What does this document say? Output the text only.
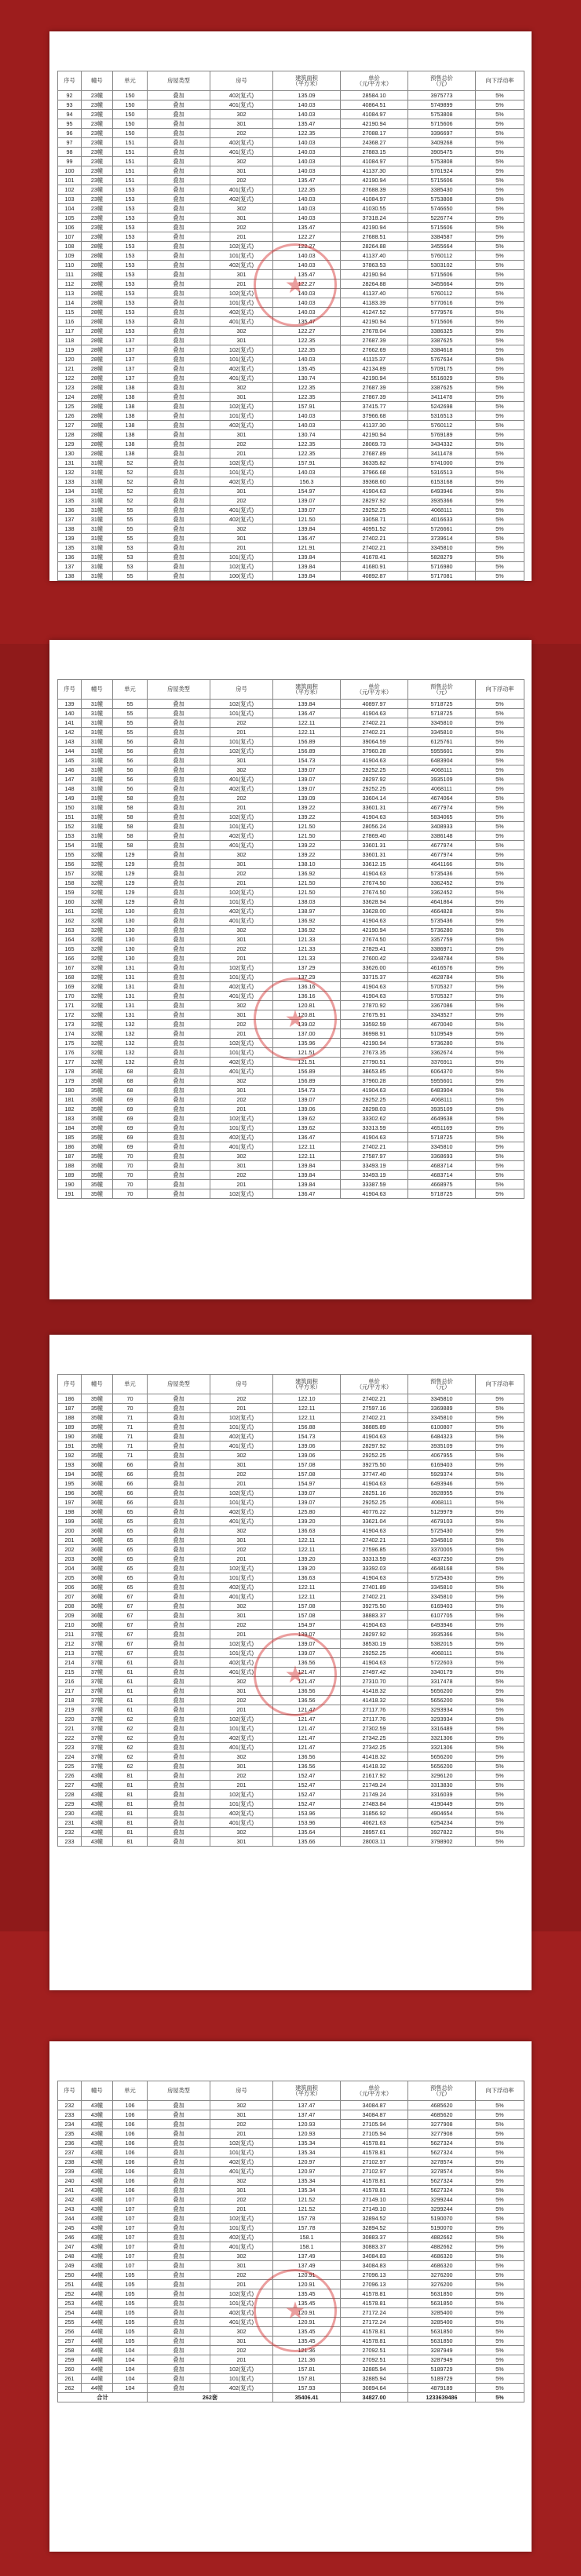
序号	幢号	单元	房屋类型	房号	建筑面积
（平方米）	单价
（元/平方米）	预售总价
（元）	向下浮动率
92	23幢	150	叠加	402(复式)	135.09	28584.10	3975773	5%
93	23幢	150	叠加	401(复式)	140.03	40864.51	5749899	5%
94	23幢	150	叠加	302	140.03	41084.97	5753808	5%
95	23幢	150	叠加	301	135.47	42190.94	5715606	5%
96	23幢	150	叠加	202	122.35	27088.17	3396697	5%
97	23幢	151	叠加	402(复式)	140.03	24368.27	3409268	5%
98	23幢	151	叠加	401(复式)	140.03	27883.15	3905475	5%
99	23幢	151	叠加	302	140.03	41084.97	5753808	5%
100	23幢	151	叠加	301	140.03	41137.30	5761924	5%
101	23幢	151	叠加	202	135.47	42190.94	5715606	5%
102	23幢	153	叠加	401(复式)	122.35	27688.39	3385430	5%
103	23幢	153	叠加	402(复式)	140.03	41084.97	5753808	5%
104	23幢	153	叠加	302	140.03	41030.55	5746650	5%
105	23幢	153	叠加	301	140.03	37318.24	5226774	5%
106	23幢	153	叠加	202	135.47	42190.94	5715606	5%
107	23幢	153	叠加	201	122.27	27688.51	3384587	5%
108	28幢	153	叠加	102(复式)	122.27	28264.88	3455664	5%
109	28幢	153	叠加	101(复式)	140.03	41137.40	5760112	5%
110	28幢	153	叠加	402(复式)	140.03	37863.53	5303102	5%
111	28幢	153	叠加	301	135.47	42190.94	5715606	5%
112	28幢	153	叠加	201	122.27	28264.88	3455664	5%
113	28幢	153	叠加	102(复式)	140.03	41137.40	5760112	5%
114	28幢	153	叠加	101(复式)	140.03	41183.39	5770616	5%
115	28幢	153	叠加	402(复式)	140.03	41247.52	5779576	5%
116	28幢	153	叠加	401(复式)	135.47	42190.94	5715606	5%
117	28幢	153	叠加	302	122.27	27678.04	3386325	5%
118	28幢	137	叠加	301	122.35	27687.39	3387625	5%
119	28幢	137	叠加	102(复式)	122.35	27662.69	3384618	5%
120	28幢	137	叠加	101(复式)	140.03	41115.37	5767634	5%
121	28幢	137	叠加	402(复式)	135.45	42134.89	5709175	5%
122	28幢	137	叠加	401(复式)	130.74	42190.94	5516029	5%
123	28幢	138	叠加	302	122.35	27687.39	3387625	5%
124	28幢	138	叠加	301	122.35	27867.39	3411478	5%
125	28幢	138	叠加	102(复式)	157.91	37415.77	5242698	5%
126	28幢	138	叠加	101(复式)	140.03	37966.68	5316513	5%
127	28幢	138	叠加	402(复式)	140.03	41137.30	5760112	5%
128	28幢	138	叠加	301	130.74	42190.94	5769189	5%
129	28幢	138	叠加	202	122.35	28069.73	3434332	5%
130	28幢	138	叠加	201	122.35	27687.89	3411478	5%
131	31幢	52	叠加	102(复式)	157.91	36335.82	5741000	5%
132	31幢	52	叠加	101(复式)	140.03	37966.68	5316513	5%
133	31幢	52	叠加	402(复式)	156.3	39368.60	6153168	5%
134	31幢	52	叠加	301	154.97	41904.63	6493946	5%
135	31幢	52	叠加	202	139.07	28297.92	3935366	5%
136	31幢	55	叠加	401(复式)	139.07	29252.25	4068111	5%
137	31幢	55	叠加	402(复式)	121.50	33058.71	4016633	5%
138	31幢	55	叠加	302	139.84	40951.52	5726661	5%
139	31幢	55	叠加	301	136.47	27402.21	3739614	5%
135	31幢	53	叠加	201	121.91	27402.21	3345810	5%
136	31幢	53	叠加	101(复式)	139.84	41678.41	5828279	5%
137	31幢	53	叠加	102(复式)	139.84	41680.91	5716980	5%
138	31幢	55	叠加	100(复式)	139.84	40892.87	5717081	5%
★
序号	幢号	单元	房屋类型	房号	建筑面积
（平方米）	单价
（元/平方米）	预售总价
（元）	向下浮动率
139	31幢	55	叠加	102(复式)	139.84	40897.97	5718725	5%
140	31幢	55	叠加	101(复式)	136.47	41904.63	5718725	5%
141	31幢	55	叠加	202	122.11	27402.21	3345810	5%
142	31幢	55	叠加	201	122.11	27402.21	3345810	5%
143	31幢	56	叠加	101(复式)	156.89	39064.59	6125761	5%
144	31幢	56	叠加	102(复式)	156.89	37960.28	5955601	5%
145	31幢	56	叠加	301	154.73	41904.63	6483904	5%
146	31幢	56	叠加	302	139.07	29252.25	4068111	5%
147	31幢	56	叠加	401(复式)	139.07	28297.92	3935109	5%
148	31幢	56	叠加	402(复式)	139.07	29252.25	4068111	5%
149	31幢	58	叠加	202	139.09	33604.14	4674064	5%
150	31幢	58	叠加	201	139.22	33601.31	4677974	5%
151	31幢	58	叠加	102(复式)	139.22	41904.63	5834065	5%
152	31幢	58	叠加	101(复式)	121.50	28056.24	3408933	5%
153	31幢	58	叠加	402(复式)	121.50	27869.40	3386148	5%
154	31幢	58	叠加	401(复式)	139.22	33601.31	4677974	5%
155	32幢	129	叠加	302	139.22	33601.31	4677974	5%
156	32幢	129	叠加	301	138.10	33612.15	4641166	5%
157	32幢	129	叠加	202	136.92	41904.63	5735436	5%
158	32幢	129	叠加	201	121.50	27674.50	3362452	5%
159	32幢	129	叠加	102(复式)	121.50	27674.50	3362452	5%
160	32幢	129	叠加	101(复式)	138.03	33628.94	4641864	5%
161	32幢	130	叠加	402(复式)	138.97	33628.00	4664828	5%
162	32幢	130	叠加	401(复式)	136.92	41904.63	5735436	5%
163	32幢	130	叠加	302	136.92	42190.94	5736280	5%
164	32幢	130	叠加	301	121.33	27674.50	3357759	5%
165	32幢	130	叠加	202	121.33	27829.41	3386971	5%
166	32幢	130	叠加	201	121.33	27600.42	3348784	5%
167	32幢	131	叠加	102(复式)	137.29	33626.00	4616576	5%
168	32幢	131	叠加	101(复式)	137.29	33715.37	4628784	5%
169	32幢	131	叠加	402(复式)	136.16	41904.63	5705327	5%
170	32幢	131	叠加	401(复式)	136.16	41904.63	5705327	5%
171	32幢	131	叠加	302	120.81	27870.92	3367086	5%
172	32幢	131	叠加	301	120.81	27675.91	3343527	5%
173	32幢	132	叠加	202	139.02	33592.59	4670040	5%
174	32幢	132	叠加	201	137.00	36998.91	5109549	5%
175	32幢	132	叠加	102(复式)	135.96	42190.94	5736280	5%
176	32幢	132	叠加	101(复式)	121.51	27673.35	3362674	5%
177	32幢	132	叠加	402(复式)	121.51	27790.51	3376911	5%
178	35幢	68	叠加	401(复式)	156.89	38653.85	6064370	5%
179	35幢	68	叠加	302	156.89	37960.28	5955601	5%
180	35幢	68	叠加	301	154.73	41904.63	6483904	5%
181	35幢	69	叠加	202	139.07	29252.25	4068111	5%
182	35幢	69	叠加	201	139.06	28298.03	3935109	5%
183	35幢	69	叠加	102(复式)	139.62	33302.62	4649638	5%
184	35幢	69	叠加	101(复式)	139.62	33313.59	4651169	5%
185	35幢	69	叠加	402(复式)	136.47	41904.63	5718725	5%
186	35幢	69	叠加	401(复式)	122.11	27402.21	3345810	5%
187	35幢	70	叠加	302	122.11	27587.97	3368693	5%
188	35幢	70	叠加	301	139.84	33493.19	4683714	5%
189	35幢	70	叠加	202	139.84	33493.19	4683714	5%
190	35幢	70	叠加	201	139.84	33387.59	4668975	5%
191	35幢	70	叠加	102(复式)	136.47	41904.63	5718725	5%
★
序号	幢号	单元	房屋类型	房号	建筑面积
（平方米）	单价
（元/平方米）	预售总价
（元）	向下浮动率
186	35幢	70	叠加	202	122.10	27402.21	3345810	5%
187	35幢	70	叠加	201	122.11	27597.16	3369889	5%
188	35幢	71	叠加	102(复式)	122.11	27402.21	3345810	5%
189	35幢	71	叠加	101(复式)	156.88	38885.89	6100807	5%
190	35幢	71	叠加	402(复式)	154.73	41904.63	6484323	5%
191	35幢	71	叠加	401(复式)	139.06	28297.92	3935109	5%
192	35幢	71	叠加	302	139.06	29252.25	4067955	5%
193	36幢	66	叠加	301	157.08	39275.50	6169403	5%
194	36幢	66	叠加	202	157.08	37747.40	5929374	5%
195	36幢	66	叠加	201	154.97	41904.63	6493946	5%
196	36幢	66	叠加	102(复式)	139.07	28251.16	3928955	5%
197	36幢	66	叠加	101(复式)	139.07	29252.25	4068111	5%
198	36幢	65	叠加	402(复式)	125.80	40776.22	5129979	5%
199	36幢	65	叠加	401(复式)	139.20	33621.04	4679103	5%
200	36幢	65	叠加	302	136.63	41904.63	5725430	5%
201	36幢	65	叠加	301	122.11	27402.21	3345810	5%
202	36幢	65	叠加	202	122.11	27596.85	3370005	5%
203	36幢	65	叠加	201	139.20	33313.59	4637250	5%
204	36幢	65	叠加	102(复式)	139.20	33392.03	4648168	5%
205	36幢	65	叠加	101(复式)	136.63	41904.63	5725430	5%
206	36幢	65	叠加	402(复式)	122.11	27401.89	3345810	5%
207	36幢	67	叠加	401(复式)	122.11	27402.21	3345810	5%
208	36幢	67	叠加	302	157.08	39275.50	6169403	5%
209	36幢	67	叠加	301	157.08	38883.37	6107705	5%
210	36幢	67	叠加	202	154.97	41904.63	6493946	5%
211	37幢	67	叠加	201	139.07	28297.92	3935366	5%
212	37幢	67	叠加	102(复式)	139.07	38530.19	5382015	5%
213	37幢	67	叠加	101(复式)	139.07	29252.25	4068111	5%
214	37幢	61	叠加	402(复式)	136.56	41904.63	5722603	5%
215	37幢	61	叠加	401(复式)	121.47	27497.42	3340179	5%
216	37幢	61	叠加	302	121.47	27310.70	3317478	5%
217	37幢	61	叠加	301	136.56	41418.32	5656200	5%
218	37幢	61	叠加	202	136.56	41418.32	5656200	5%
219	37幢	61	叠加	201	121.47	27117.76	3293934	5%
220	37幢	62	叠加	102(复式)	121.47	27117.76	3293934	5%
221	37幢	62	叠加	101(复式)	121.47	27302.59	3316489	5%
222	37幢	62	叠加	402(复式)	121.47	27342.25	3321306	5%
223	37幢	62	叠加	401(复式)	121.47	27342.25	3321306	5%
224	37幢	62	叠加	302	136.56	41418.32	5656200	5%
225	37幢	62	叠加	301	136.56	41418.32	5656200	5%
226	43幢	81	叠加	202	152.47	21617.92	3296120	5%
227	43幢	81	叠加	201	152.47	21749.24	3313830	5%
228	43幢	81	叠加	102(复式)	152.47	21749.24	3316039	5%
229	43幢	81	叠加	101(复式)	152.47	27483.84	4190449	5%
230	43幢	81	叠加	402(复式)	153.96	31856.92	4904654	5%
231	43幢	81	叠加	401(复式)	153.96	40621.63	6254234	5%
232	43幢	81	叠加	302	135.64	28957.61	3927822	5%
233	43幢	81	叠加	301	135.66	28003.11	3798902	5%
★
序号	幢号	单元	房屋类型	房号	建筑面积
（平方米）	单价
（元/平方米）	预售总价
（元）	向下浮动率
232	43幢	106	叠加	302	137.47	34084.87	4685620	5%
233	43幢	106	叠加	301	137.47	34084.87	4685620	5%
234	43幢	106	叠加	202	120.93	27105.94	3277908	5%
235	43幢	106	叠加	201	120.93	27105.94	3277908	5%
236	43幢	106	叠加	102(复式)	135.34	41578.81	5627324	5%
237	43幢	106	叠加	101(复式)	135.34	41578.81	5627324	5%
238	43幢	106	叠加	402(复式)	120.97	27102.97	3278574	5%
239	43幢	106	叠加	401(复式)	120.97	27102.97	3278574	5%
240	43幢	106	叠加	302	135.34	41578.81	5627324	5%
241	43幢	106	叠加	301	135.34	41578.81	5627324	5%
242	43幢	107	叠加	202	121.52	27149.10	3299244	5%
243	43幢	107	叠加	201	121.52	27149.10	3299244	5%
244	43幢	107	叠加	102(复式)	157.78	32894.52	5190070	5%
245	43幢	107	叠加	101(复式)	157.78	32894.52	5190070	5%
246	43幢	107	叠加	402(复式)	158.1	30883.37	4882662	5%
247	43幢	107	叠加	401(复式)	158.1	30883.37	4882662	5%
248	43幢	107	叠加	302	137.49	34084.83	4686320	5%
249	43幢	107	叠加	301	137.49	34084.83	4686320	5%
250	44幢	105	叠加	202	120.91	27096.13	3276200	5%
251	44幢	105	叠加	201	120.91	27096.13	3276200	5%
252	44幢	105	叠加	102(复式)	135.45	41578.81	5631850	5%
253	44幢	105	叠加	101(复式)	135.45	41578.81	5631850	5%
254	44幢	105	叠加	402(复式)	120.91	27172.24	3285400	5%
255	44幢	105	叠加	401(复式)	120.91	27172.24	3285400	5%
256	44幢	105	叠加	302	135.45	41578.81	5631850	5%
257	44幢	105	叠加	301	135.45	41578.81	5631850	5%
258	44幢	104	叠加	202	121.36	27092.51	3287949	5%
259	44幢	104	叠加	201	121.36	27092.51	3287949	5%
260	44幢	104	叠加	102(复式)	157.81	32885.94	5189729	5%
261	44幢	104	叠加	101(复式)	157.81	32885.94	5189729	5%
262	44幢	104	叠加	402(复式)	157.93	30894.64	4879189	5%
合计			262套		35406.41	34827.00	1233639486	5%
★
